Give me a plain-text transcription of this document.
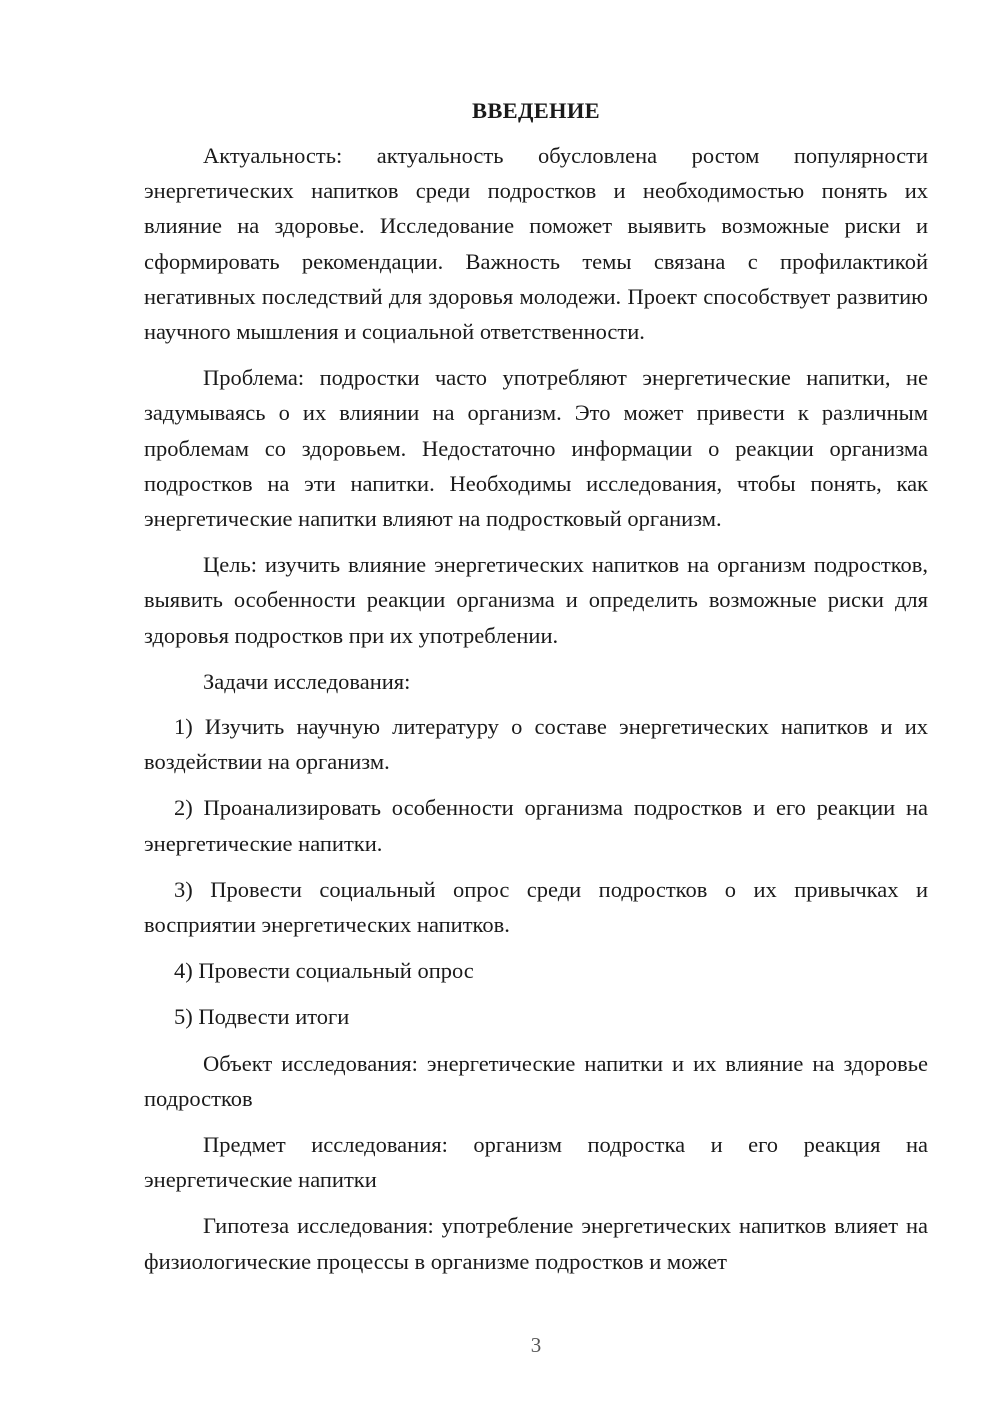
ВВЕДЕНИЕ

Актуальность: актуальность обусловлена ростом популярности энергетических напитков среди подростков и необходимостью понять их влияние на здоровье. Исследование поможет выявить возможные риски и сформировать рекомендации. Важность темы связана с профилактикой негативных последствий для здоровья молодежи. Проект способствует развитию научного мышления и социальной ответственности.

Проблема: подростки часто употребляют энергетические напитки, не задумываясь о их влиянии на организм. Это может привести к различным проблемам со здоровьем. Недостаточно информации о реакции организма подростков на эти напитки. Необходимы исследования, чтобы понять, как энергетические напитки влияют на подростковый организм.

Цель: изучить влияние энергетических напитков на организм подростков, выявить особенности реакции организма и определить возможные риски для здоровья подростков при их употреблении.

Задачи исследования:

1) Изучить научную литературу о составе энергетических напитков и их воздействии на организм.

2) Проанализировать особенности организма подростков и его реакции на энергетические напитки.

3) Провести социальный опрос среди подростков о их привычках и восприятии энергетических напитков.

4) Провести социальный опрос

5) Подвести итоги

Объект исследования: энергетические напитки и их влияние на здоровье подростков

Предмет исследования: организм подростка и его реакция на энергетические напитки

Гипотеза исследования: употребление энергетических напитков влияет на физиологические процессы в организме подростков и может

3
